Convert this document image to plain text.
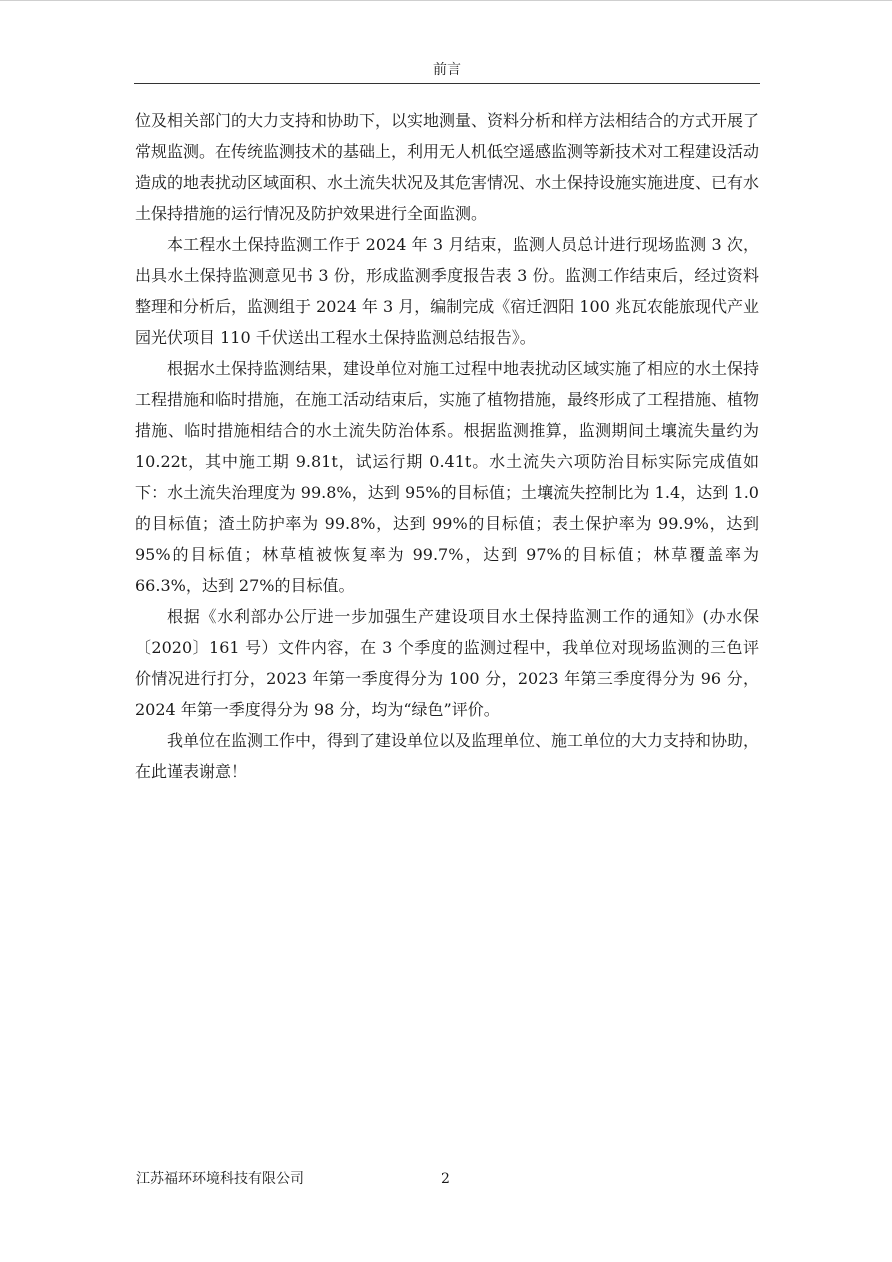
前言

位及相关部门的大力支持和协助下，以实地测量、资料分析和样方法相结合的方式开展了常规监测。在传统监测技术的基础上，利用无人机低空遥感监测等新技术对工程建设活动造成的地表扰动区域面积、水土流失状况及其危害情况、水土保持设施实施进度、已有水土保持措施的运行情况及防护效果进行全面监测。

本工程水土保持监测工作于 2024 年 3 月结束，监测人员总计进行现场监测 3 次，出具水土保持监测意见书 3 份，形成监测季度报告表 3 份。监测工作结束后，经过资料整理和分析后，监测组于 2024 年 3 月，编制完成《宿迁泗阳 100 兆瓦农能旅现代产业园光伏项目 110 千伏送出工程水土保持监测总结报告》。

根据水土保持监测结果，建设单位对施工过程中地表扰动区域实施了相应的水土保持工程措施和临时措施，在施工活动结束后，实施了植物措施，最终形成了工程措施、植物措施、临时措施相结合的水土流失防治体系。根据监测推算，监测期间土壤流失量约为 10.22t，其中施工期 9.81t，试运行期 0.41t。水土流失六项防治目标实际完成值如下：水土流失治理度为 99.8%，达到 95%的目标值；土壤流失控制比为 1.4，达到 1.0 的目标值；渣土防护率为 99.8%，达到 99%的目标值；表土保护率为 99.9%，达到 95%的目标值；林草植被恢复率为 99.7%，达到 97%的目标值；林草覆盖率为 66.3%，达到 27%的目标值。

根据《水利部办公厅进一步加强生产建设项目水土保持监测工作的通知》(办水保〔2020〕161 号）文件内容，在 3 个季度的监测过程中，我单位对现场监测的三色评价情况进行打分，2023 年第一季度得分为 100 分，2023 年第三季度得分为 96 分，2024 年第一季度得分为 98 分，均为“绿色”评价。

我单位在监测工作中，得到了建设单位以及监理单位、施工单位的大力支持和协助，在此谨表谢意！

江苏福环环境科技有限公司	2
